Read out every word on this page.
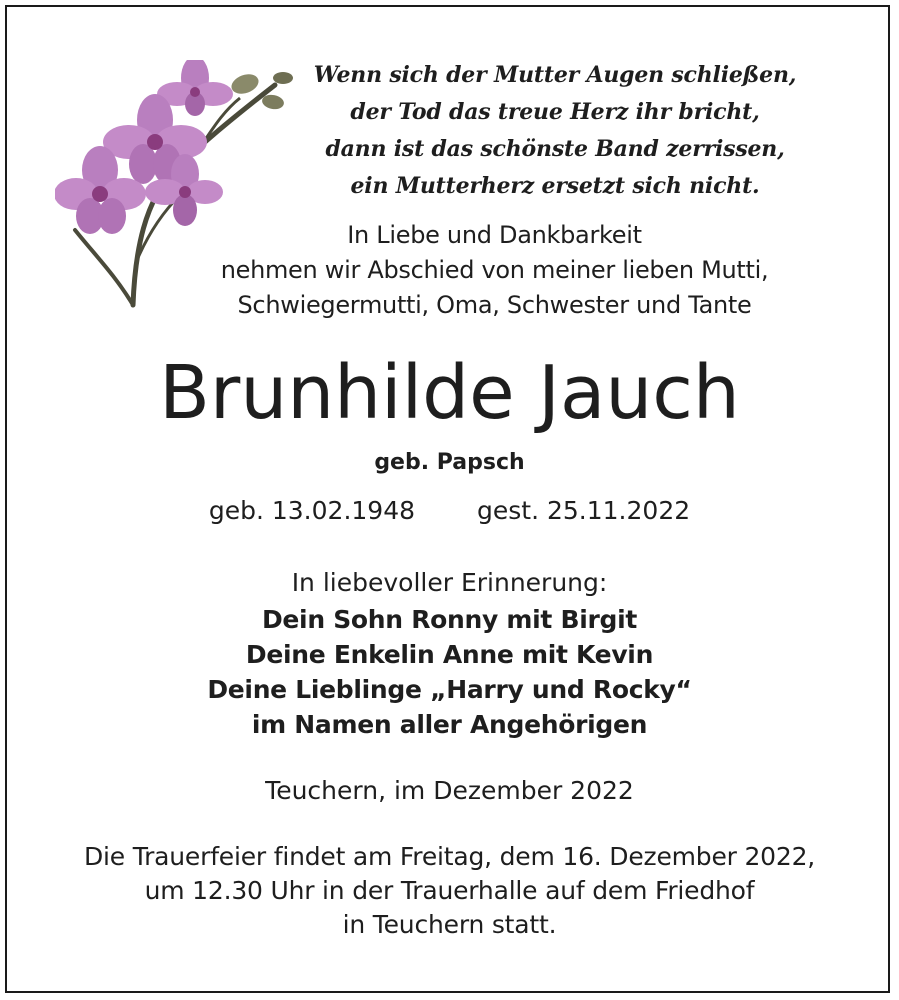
Wenn sich der Mutter Augen schließen,
der Tod das treue Herz ihr bricht,
dann ist das schönste Band zerrissen,
ein Mutterherz ersetzt sich nicht.
In Liebe und Dankbarkeit
nehmen wir Abschied von meiner lieben Mutti,
Schwiegermutti, Oma, Schwester und Tante
Brunhilde Jauch
geb. Papsch
geb. 13.02.1948 gest. 25.11.2022
In liebevoller Erinnerung:
Dein Sohn Ronny mit Birgit
Deine Enkelin Anne mit Kevin
Deine Lieblinge „Harry und Rocky“
im Namen aller Angehörigen
Teuchern, im Dezember 2022
Die Trauerfeier findet am Freitag, dem 16. Dezember 2022,
um 12.30 Uhr in der Trauerhalle auf dem Friedhof
in Teuchern statt.
